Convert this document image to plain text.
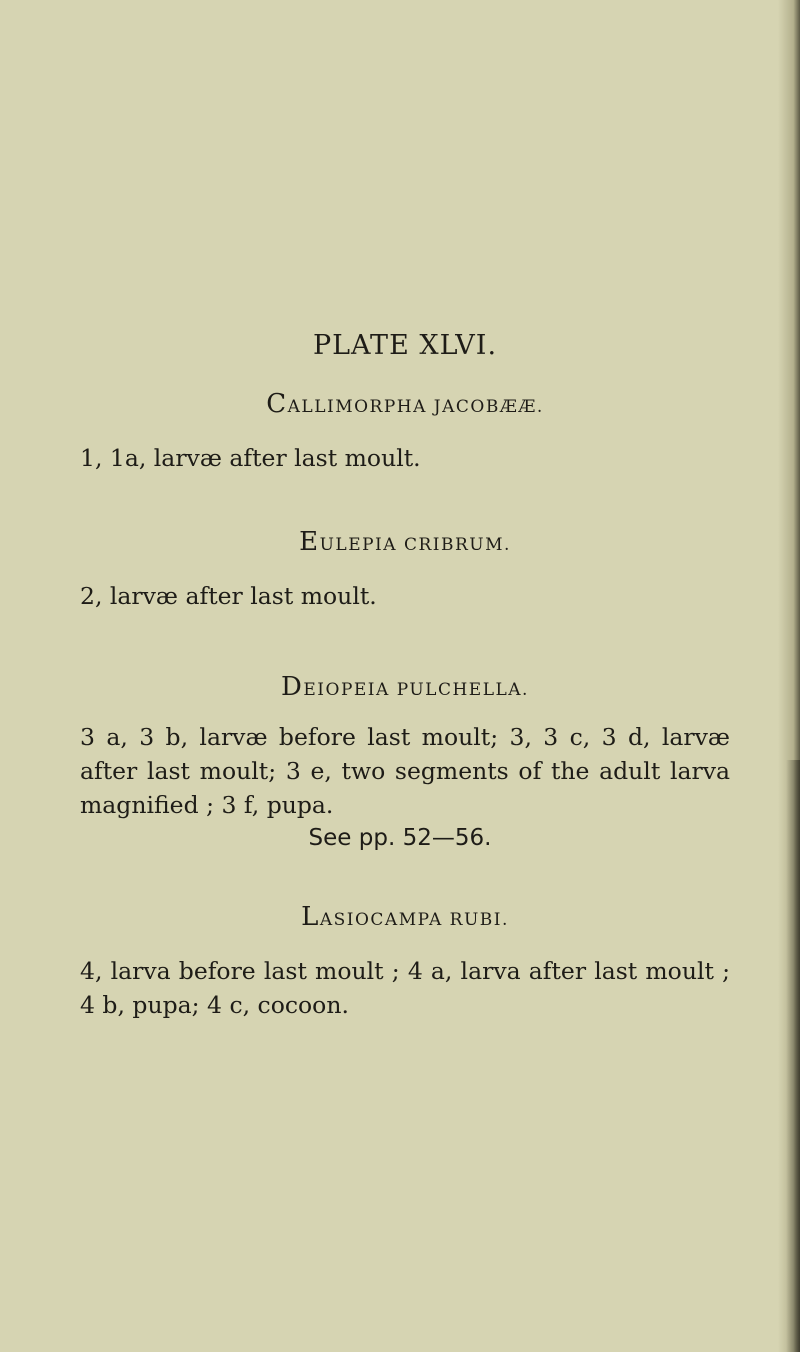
PLATE XLVI.
CALLIMORPHA JACOBÆÆ.

1, 1a, larvæ after last moult.

EULEPIA CRIBRUM.

2, larvæ after last moult.

DEIOPEIA PULCHELLA.

3 a, 3 b, larvæ before last moult; 3, 3 c, 3 d, larvæ after last moult; 3 e, two segments of the adult larva magnified ; 3 f, pupa.

See pp. 52—56.
LASIOCAMPA RUBI.

4, larva before last moult ; 4 a, larva after last moult ; 4 b, pupa; 4 c, cocoon.
